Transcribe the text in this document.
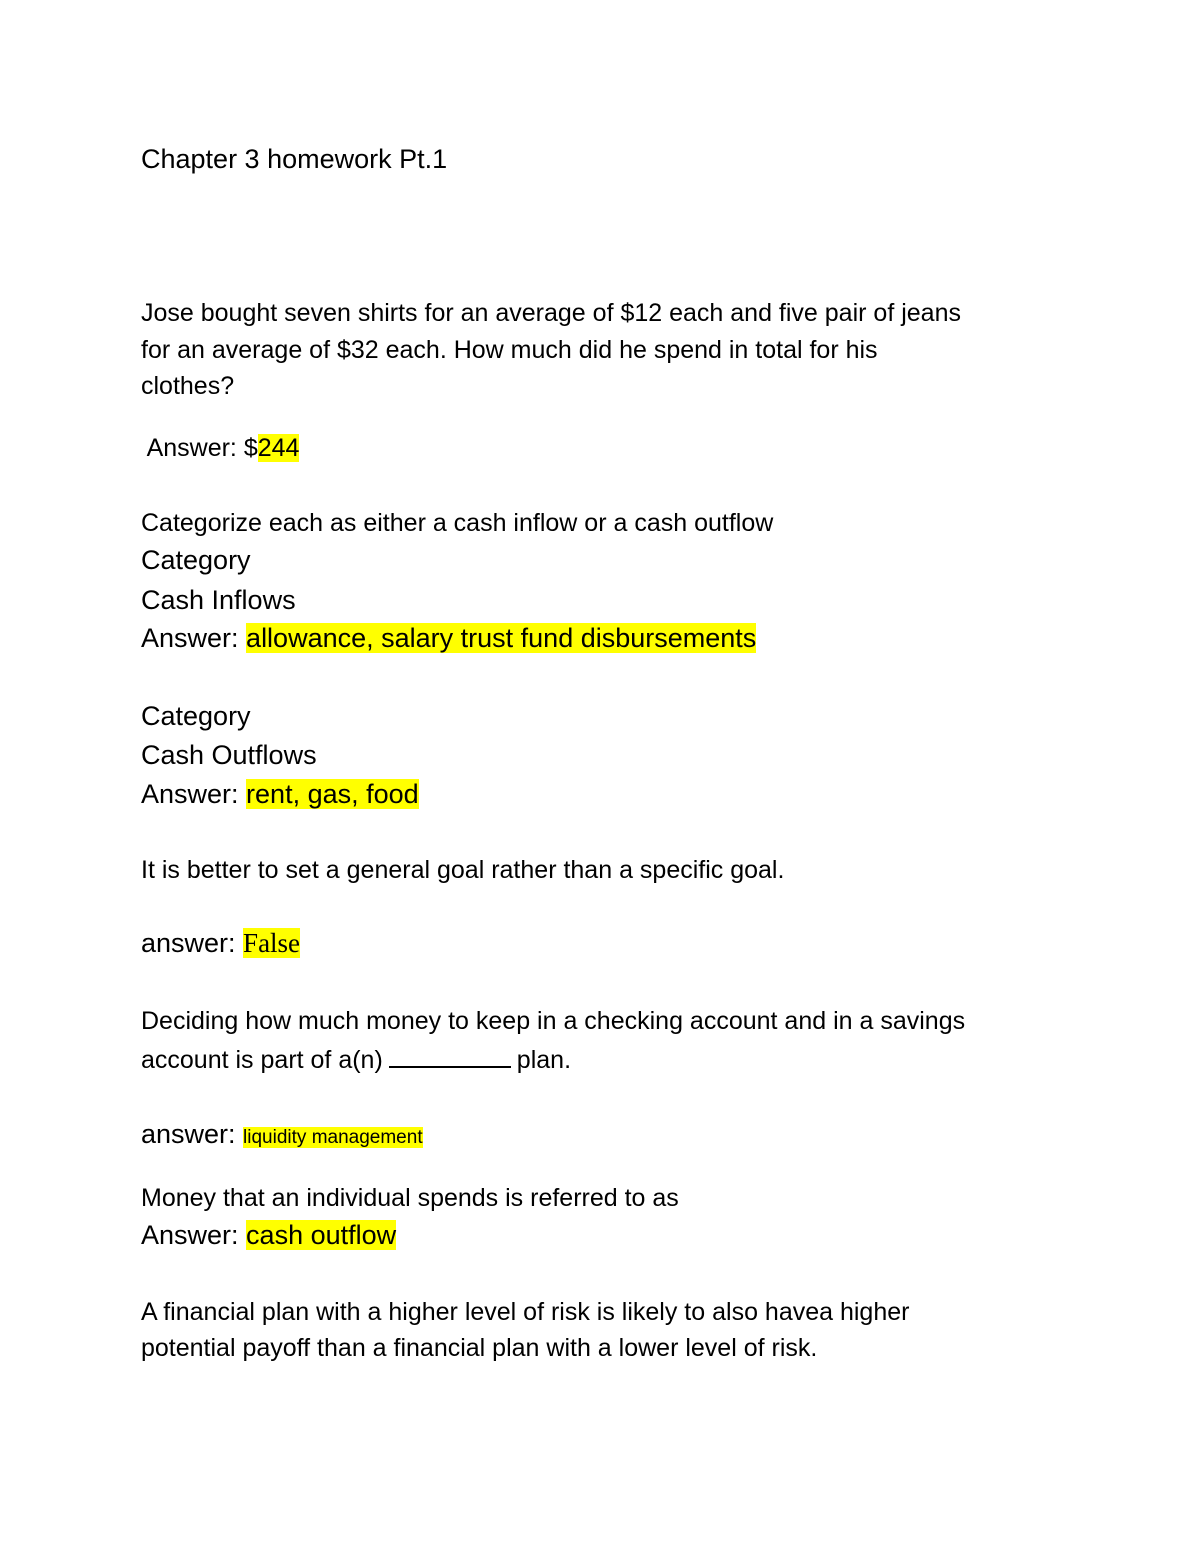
Chapter 3 homework Pt.1
Jose bought seven shirts for an average of $12 each and five pair of jeans
for an average of $32 each. How much did he spend in total for his
clothes?
Answer: $244
Categorize each as either a cash inflow or a cash outflow
Category
Cash Inflows
Answer: allowance, salary trust fund disbursements
Category
Cash Outflows
Answer: rent, gas, food
It is better to set a general goal rather than a specific goal.
answer: False
Deciding how much money to keep in a checking account and in a savings
account is part of a(n)	plan.
answer: liquidity management
Money that an individual spends is referred to as
Answer: cash outflow
A financial plan with a higher level of risk is likely to also havea higher
potential payoff than a financial plan with a lower level of risk.
